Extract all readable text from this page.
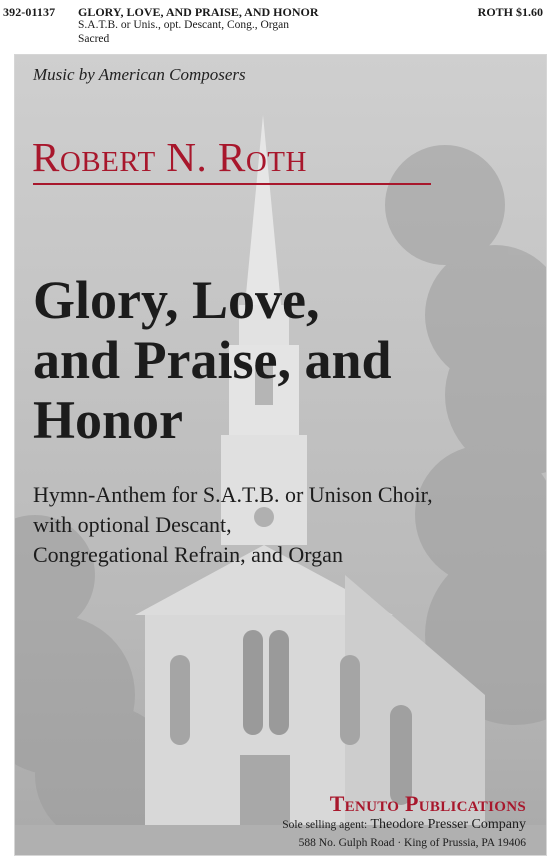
392-01137 GLORY, LOVE, AND PRAISE, AND HONOR
S.A.T.B. or Unis., opt. Descant, Cong., Organ
Sacred
ROTH $1.60
Music by American Composers
Robert N. Roth
Glory, Love,
and Praise, and
Honor
Hymn-Anthem for S.A.T.B. or Unison Choir,
with optional Descant,
Congregational Refrain, and Organ
Tenuto Publications
Sole selling agent: Theodore Presser Company
588 No. Gulph Road · King of Prussia, PA 19406
